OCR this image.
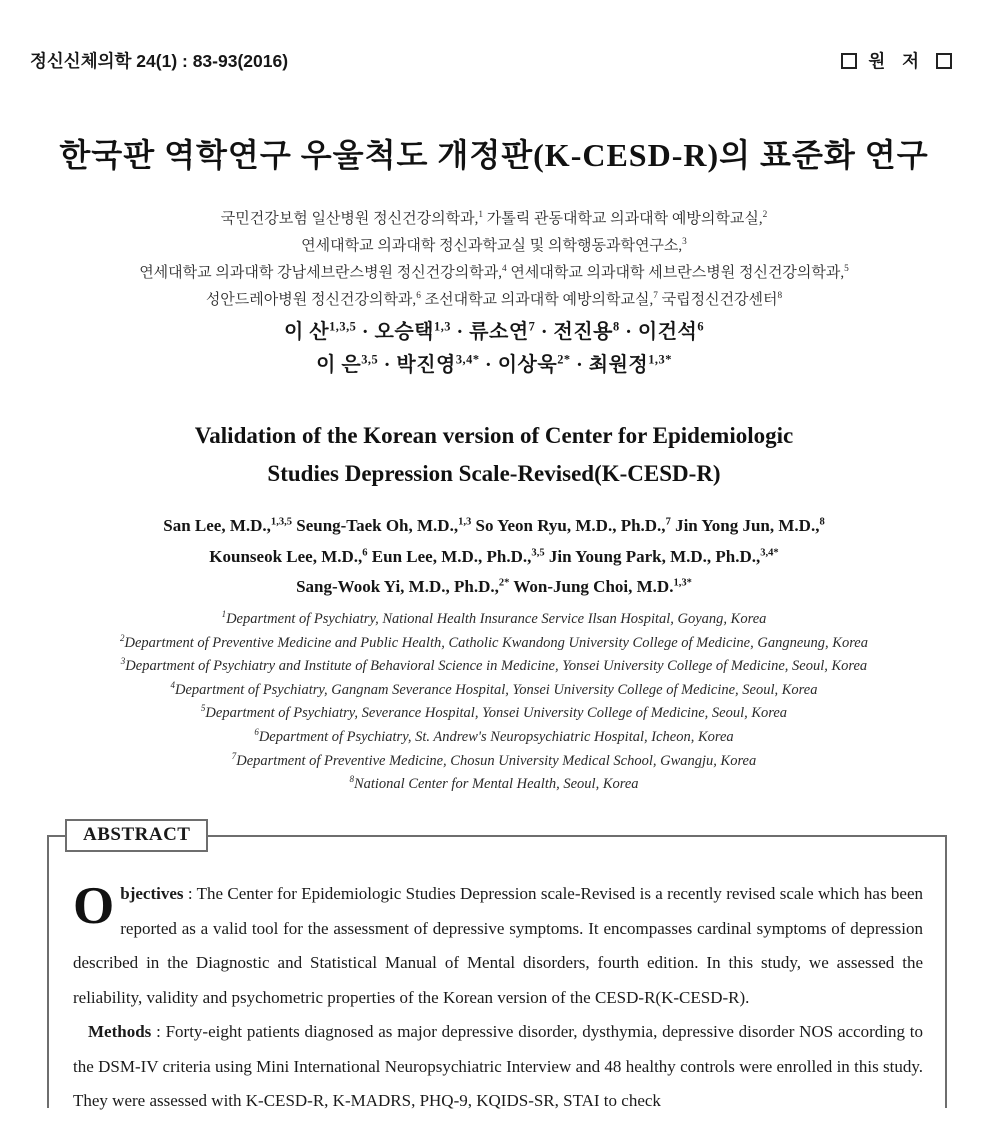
정신신체의학 24(1) : 83-93(2016)	원 저
한국판 역학연구 우울척도 개정판(K-CESD-R)의 표준화 연구
국민건강보험 일산병원 정신건강의학과,$^1$ 가톨릭 관동대학교 의과대학 예방의학교실,$^2$
연세대학교 의과대학 정신과학교실 및 의학행동과학연구소,$^3$
연세대학교 의과대학 강남세브란스병원 정신건강의학과,$^4$ 연세대학교 의과대학 세브란스병원 정신건강의학과,$^5$
성안드레아병원 정신건강의학과,$^6$ 조선대학교 의과대학 예방의학교실,$^7$ 국립정신건강센터$^8$
이 산$^{1,3,5}$ · 오승택$^{1,3}$ · 류소연$^7$ · 전진용$^8$ · 이건석$^6$
이 은$^{3,5}$ · 박진영$^{3,4*}$ · 이상욱$^{2*}$ · 최원정$^{1,3*}$
Validation of the Korean version of Center for Epidemiologic
Studies Depression Scale-Revised(K-CESD-R)
San Lee, M.D.,$^{1,3,5}$ Seung-Taek Oh, M.D.,$^{1,3}$ So Yeon Ryu, M.D., Ph.D.,$^7$ Jin Yong Jun, M.D.,$^8$
Kounseok Lee, M.D.,$^6$ Eun Lee, M.D., Ph.D.,$^{3,5}$ Jin Young Park, M.D., Ph.D.,$^{3,4*}$
Sang-Wook Yi, M.D., Ph.D.,$^{2*}$ Won-Jung Choi, M.D.$^{1,3*}$
$^1$Department of Psychiatry, National Health Insurance Service Ilsan Hospital, Goyang, Korea
$^2$Department of Preventive Medicine and Public Health, Catholic Kwandong University College of Medicine, Gangneung, Korea
$^3$Department of Psychiatry and Institute of Behavioral Science in Medicine, Yonsei University College of Medicine, Seoul, Korea
$^4$Department of Psychiatry, Gangnam Severance Hospital, Yonsei University College of Medicine, Seoul, Korea
$^5$Department of Psychiatry, Severance Hospital, Yonsei University College of Medicine, Seoul, Korea
$^6$Department of Psychiatry, St. Andrew's Neuropsychiatric Hospital, Icheon, Korea
$^7$Department of Preventive Medicine, Chosun University Medical School, Gwangju, Korea
$^8$National Center for Mental Health, Seoul, Korea
ABSTRACT

Objectives : The Center for Epidemiologic Studies Depression scale-Revised is a recently revised scale which has been reported as a valid tool for the assessment of depressive symptoms. It encompasses cardinal symptoms of depression described in the Diagnostic and Statistical Manual of Mental disorders, fourth edition. In this study, we assessed the reliability, validity and psychometric properties of the Korean version of the CESD-R(K-CESD-R).

Methods : Forty-eight patients diagnosed as major depressive disorder, dysthymia, depressive disorder NOS according to the DSM-IV criteria using Mini International Neuropsychiatric Interview and 48 healthy controls were enrolled in this study. They were assessed with K-CESD-R, K-MADRS, PHQ-9, KQIDS-SR, STAI to check
